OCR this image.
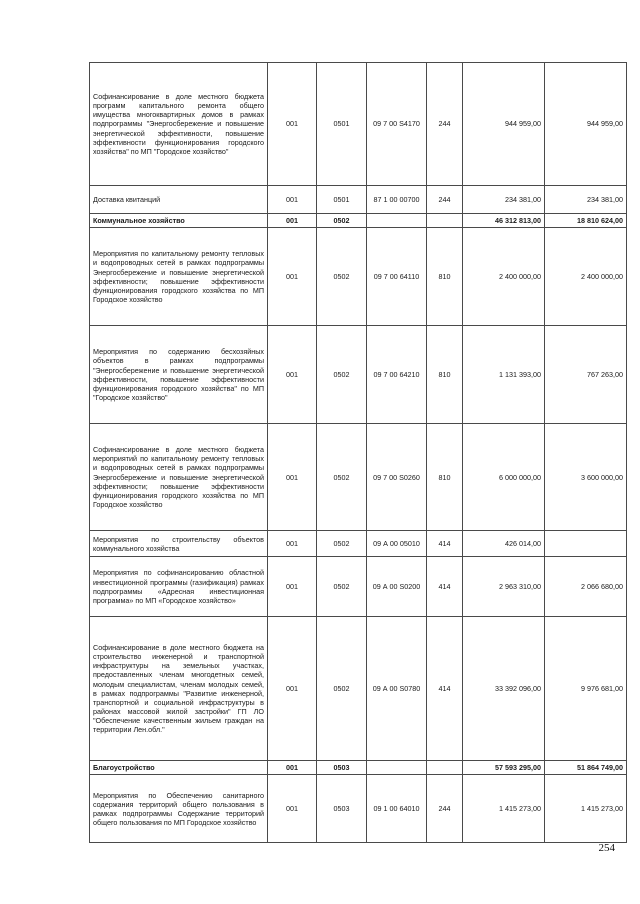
Софинансирование в доле местного бюджета программ капитального ремонта общего имущества многоквартирных домов в рамках подпрограммы "Энергосбережение и повышение энергетической эффективности, повышение эффективности функционирования городского хозяйства" по МП "Городское хозяйство"	001	0501	09 7 00 S4170	244	944 959,00	944 959,00
Доставка квитанций	001	0501	87 1 00 00700	244	234 381,00	234 381,00
Коммунальное хозяйство	001	0502			46 312 813,00	18 810 624,00
Мероприятия по капитальному ремонту тепловых и водопроводных сетей в рамках подпрограммы Энергосбережение и повышение энергетической эффективности; повышение эффективности функционирования городского хозяйства по МП Городское хозяйство	001	0502	09 7 00 64110	810	2 400 000,00	2 400 000,00
Мероприятия по содержанию бесхозяйных объектов в рамках подпрограммы "Энергосбережение и повышение энергетической эффективности, повышение эффективности функционирования городского хозяйства" по МП "Городское хозяйство"	001	0502	09 7 00 64210	810	1 131 393,00	767 263,00
Софинансирование в доле местного бюджета мероприятий по капитальному ремонту тепловых и водопроводных сетей в рамках подпрограммы Энергосбережение и повышение энергетической эффективности; повышение эффективности функционирования городского хозяйства по МП Городское хозяйство	001	0502	09 7 00 S0260	810	6 000 000,00	3 600 000,00
Мероприятия по строительству объектов коммунального хозяйства	001	0502	09 А 00 05010	414	426 014,00	
Мероприятия по софинансированию областной инвестиционной программы (газификация) рамках подпрограммы «Адресная инвестиционная программа» по МП «Городское хозяйство»	001	0502	09 А 00 S0200	414	2 963 310,00	2 066 680,00
Софинансирование в доле местного бюджета на строительство инженерной и транспортной инфраструктуры на земельных участках, предоставленных членам многодетных семей, молодым специалистам, членам молодых семей, в рамках подпрограммы "Развитие инженерной, транспортной и социальной инфраструктуры в районах массовой жилой застройки" ГП ЛО "Обеспечение качественным жильем граждан на территории Лен.обл."	001	0502	09 А 00 S0780	414	33 392 096,00	9 976 681,00
Благоустройство	001	0503			57 593 295,00	51 864 749,00
Мероприятия по Обеспечению санитарного содержания территорий общего пользования в рамках подпрограммы Содержание территорий общего пользования по МП Городское хозяйство	001	0503	09 1 00 64010	244	1 415 273,00	1 415 273,00
254
